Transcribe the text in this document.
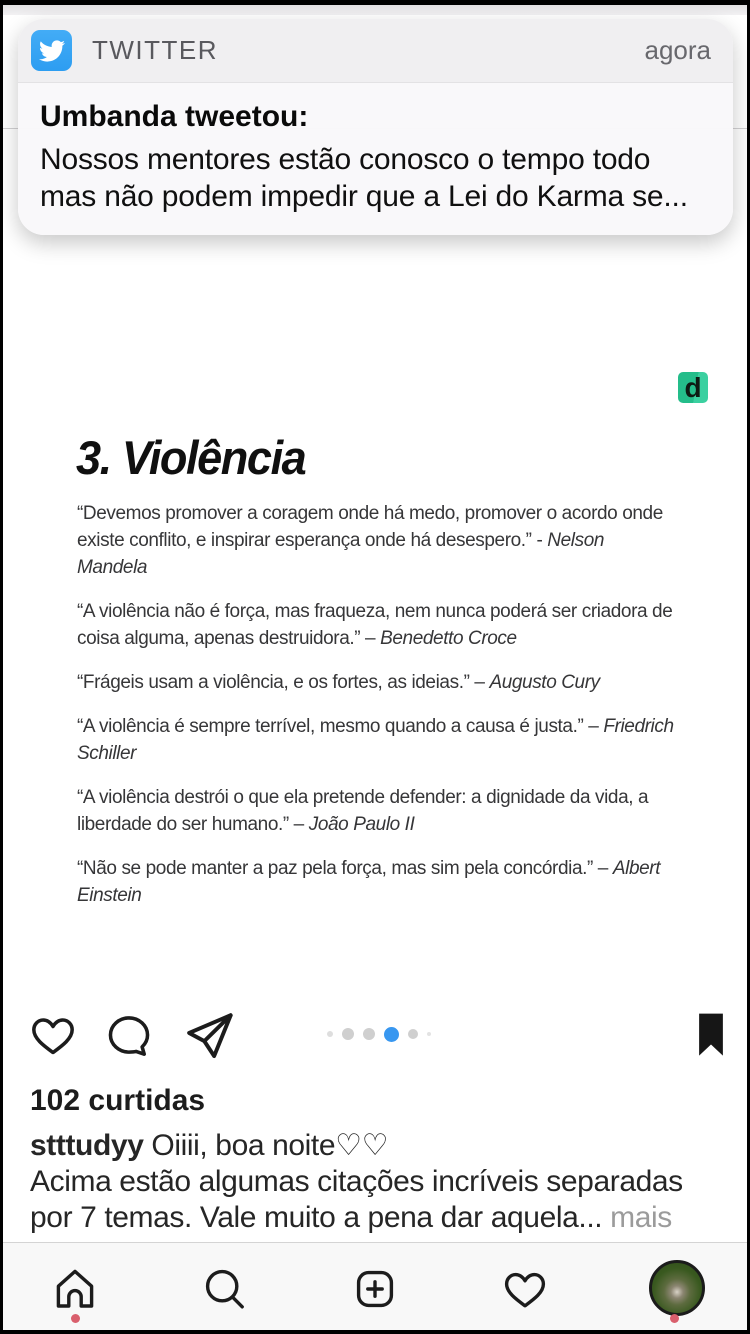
TWITTER	agora
Umbanda tweetou:
Nossos mentores estão conosco o tempo todo
mas não podem impedir que a Lei do Karma se...
d
3. Violência

“Devemos promover a coragem onde há medo, promover o acordo onde existe conflito, e inspirar esperança onde há desespero.” - Nelson Mandela

“A violência não é força, mas fraqueza, nem nunca poderá ser criadora de coisa alguma, apenas destruidora.” – Benedetto Croce

“Frágeis usam a violência, e os fortes, as ideias.” – Augusto Cury

“A violência é sempre terrível, mesmo quando a causa é justa.” – Friedrich Schiller

“A violência destrói o que ela pretende defender: a dignidade da vida, a liberdade do ser humano.” – João Paulo II

“Não se pode manter a paz pela força, mas sim pela concórdia.” – Albert Einstein

102 curtidas
stttudyy Oiiii, boa noite♡♡
Acima estão algumas citações incríveis separadas
por 7 temas. Vale muito a pena dar aquela... mais
